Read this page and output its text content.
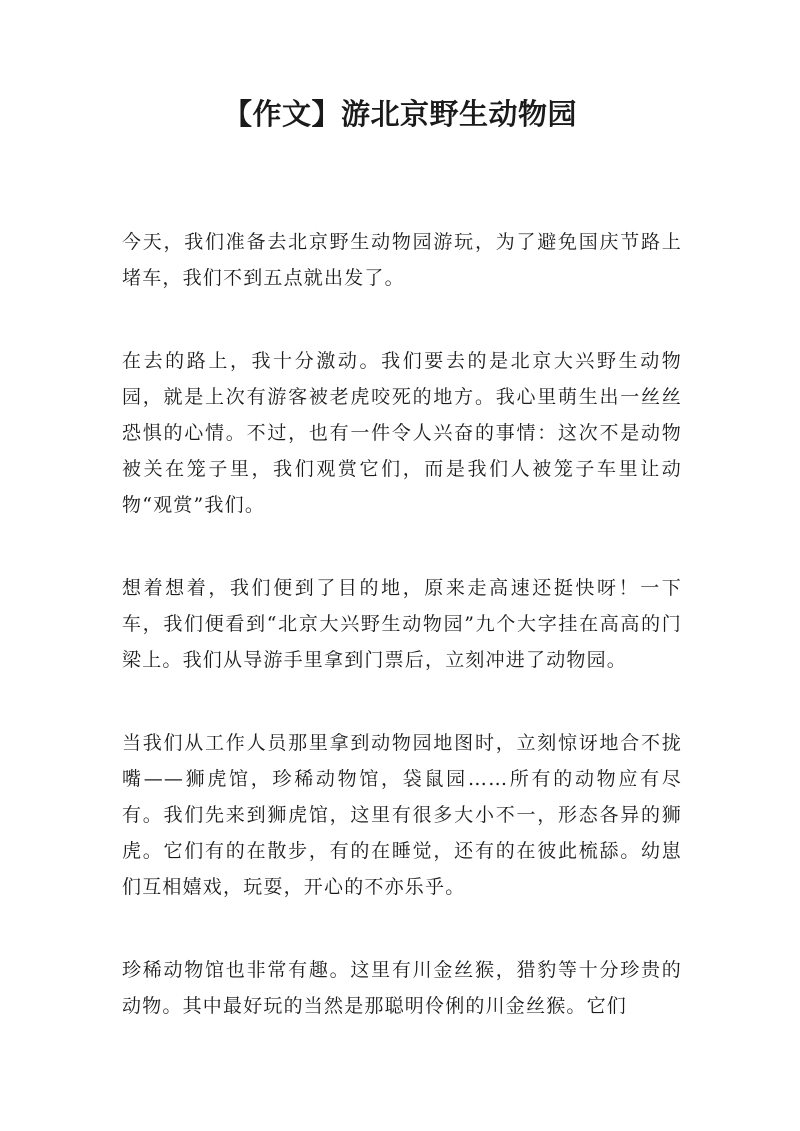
【作文】游北京野生动物园

今天，我们准备去北京野生动物园游玩，为了避免国庆节路上堵车，我们不到五点就出发了。

在去的路上，我十分激动。我们要去的是北京大兴野生动物园，就是上次有游客被老虎咬死的地方。我心里萌生出一丝丝恐惧的心情。不过，也有一件令人兴奋的事情：这次不是动物被关在笼子里，我们观赏它们，而是我们人被笼子车里让动物“观赏”我们。

想着想着，我们便到了目的地，原来走高速还挺快呀！一下车，我们便看到“北京大兴野生动物园”九个大字挂在高高的门梁上。我们从导游手里拿到门票后，立刻冲进了动物园。

当我们从工作人员那里拿到动物园地图时，立刻惊讶地合不拢嘴——狮虎馆，珍稀动物馆，袋鼠园……所有的动物应有尽有。我们先来到狮虎馆，这里有很多大小不一，形态各异的狮虎。它们有的在散步，有的在睡觉，还有的在彼此梳舔。幼崽们互相嬉戏，玩耍，开心的不亦乐乎。

珍稀动物馆也非常有趣。这里有川金丝猴，猎豹等十分珍贵的动物。其中最好玩的当然是那聪明伶俐的川金丝猴。它们
